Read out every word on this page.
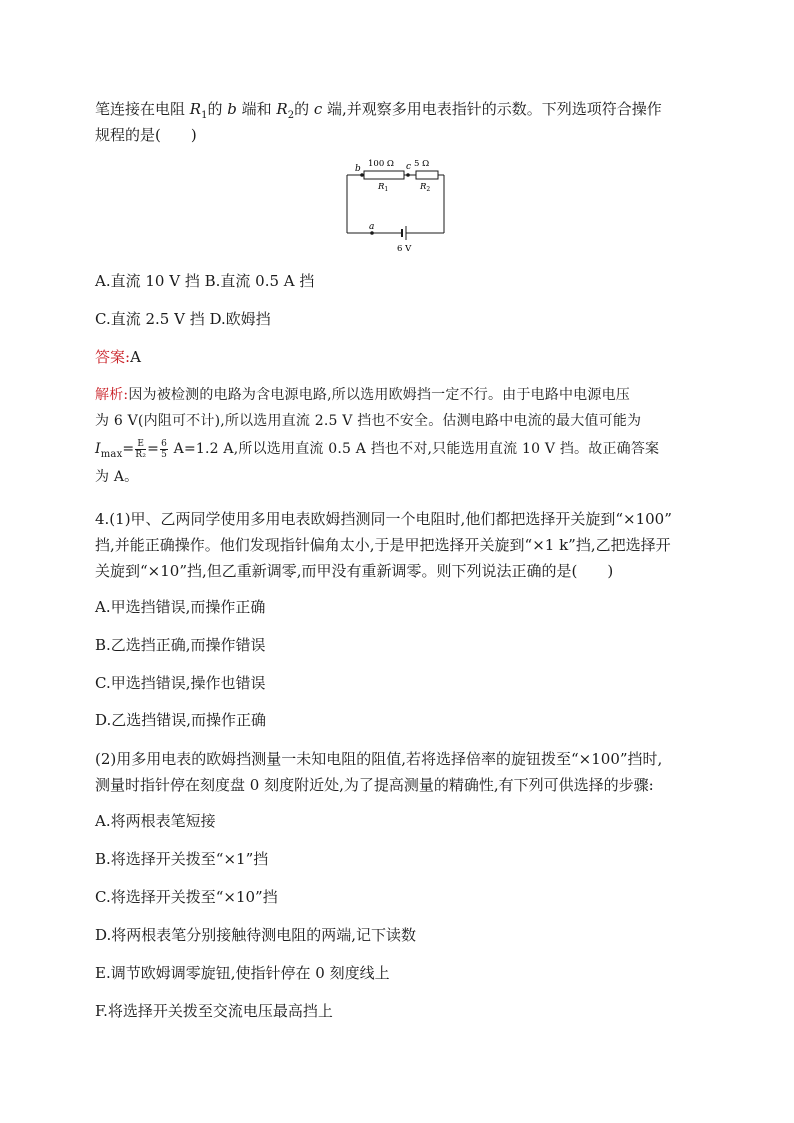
笔连接在电阻 $R_1$的 b 端和 $R_2$的 c 端,并观察多用电表指针的示数。下列选项符合操作

规程的是(　　)

b	c
a
100 Ω 5 Ω
$R_1$	$R_2$
6 V

A.直流 10 V 挡 B.直流 0.5 A 挡

C.直流 2.5 V 挡 D.欧姆挡

答案:A

解析:因为被检测的电路为含电源电路,所以选用欧姆挡一定不行。由于电路中电源电压

为 6 V(内阻可不计),所以选用直流 2.5 V 挡也不安全。估测电路中电流的最大值可能为

$I_{max}= \frac{E}{\text{R₂}} = \frac{6}{5} A=1.2$ A,所以选用直流 0.5 A 挡也不对,只能选用直流 10 V 挡。故正确答案

为 A。

4.(1)甲、乙两同学使用多用电表欧姆挡测同一个电阻时,他们都把选择开关旋到“×100”

挡,并能正确操作。他们发现指针偏角太小,于是甲把选择开关旋到“×1 k”挡,乙把选择开

关旋到“×10”挡,但乙重新调零,而甲没有重新调零。则下列说法正确的是(　　)

A.甲选挡错误,而操作正确

B.乙选挡正确,而操作错误

C.甲选挡错误,操作也错误

D.乙选挡错误,而操作正确

(2)用多用电表的欧姆挡测量一未知电阻的阻值,若将选择倍率的旋钮拨至“×100”挡时,

测量时指针停在刻度盘 0 刻度附近处,为了提高测量的精确性,有下列可供选择的步骤:

A.将两根表笔短接

B.将选择开关拨至“×1”挡

C.将选择开关拨至“×10”挡

D.将两根表笔分别接触待测电阻的两端,记下读数

E.调节欧姆调零旋钮,使指针停在 0 刻度线上

F.将选择开关拨至交流电压最高挡上
